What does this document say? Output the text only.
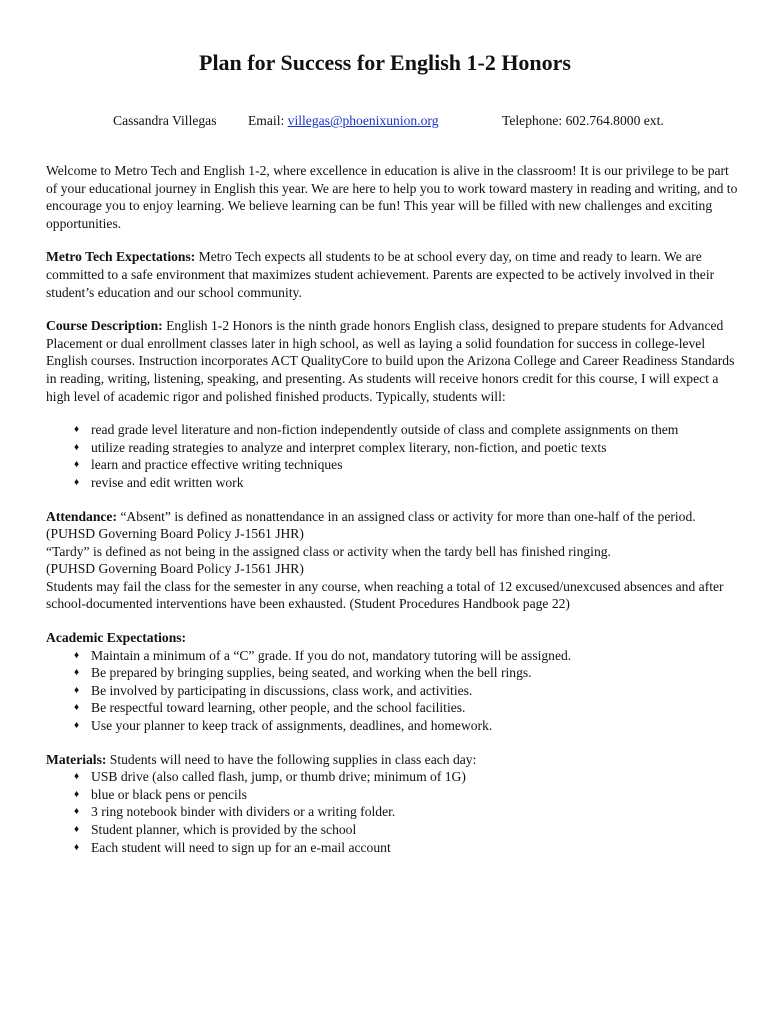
Plan for Success for English 1-2 Honors
Cassandra Villegas Email: villegas@phoenixunion.org	Telephone: 602.764.8000 ext.

Welcome to Metro Tech and English 1-2, where excellence in education is alive in the classroom! It is our privilege to be part of your educational journey in English this year. We are here to help you to work toward mastery in reading and writing, and to encourage you to enjoy learning. We believe learning can be fun! This year will be filled with new challenges and exciting opportunities.

Metro Tech Expectations: Metro Tech expects all students to be at school every day, on time and ready to learn. We are committed to a safe environment that maximizes student achievement. Parents are expected to be actively involved in their student’s education and our school community.

Course Description: English 1-2 Honors is the ninth grade honors English class, designed to prepare students for Advanced Placement or dual enrollment classes later in high school, as well as laying a solid foundation for success in college-level English courses. Instruction incorporates ACT QualityCore to build upon the Arizona College and Career Readiness Standards in reading, writing, listening, speaking, and presenting. As students will receive honors credit for this course, I will expect a high level of academic rigor and polished finished products. Typically, students will:

♦ read grade level literature and non-fiction independently outside of class and complete assignments on them
♦ utilize reading strategies to analyze and interpret complex literary, non-fiction, and poetic texts
♦ learn and practice effective writing techniques
♦ revise and edit written work

Attendance: “Absent” is defined as nonattendance in an assigned class or activity for more than one-half of the period. (PUHSD Governing Board Policy J-1561 JHR)

“Tardy” is defined as not being in the assigned class or activity when the tardy bell has finished ringing.

(PUHSD Governing Board Policy J-1561 JHR)

Students may fail the class for the semester in any course, when reaching a total of 12 excused/unexcused absences and after school-documented interventions have been exhausted. (Student Procedures Handbook page 22)

Academic Expectations:

♦ Maintain a minimum of a “C” grade. If you do not, mandatory tutoring will be assigned.
♦ Be prepared by bringing supplies, being seated, and working when the bell rings.
♦ Be involved by participating in discussions, class work, and activities.
♦ Be respectful toward learning, other people, and the school facilities.
♦ Use your planner to keep track of assignments, deadlines, and homework.

Materials: Students will need to have the following supplies in class each day:

♦ USB drive (also called flash, jump, or thumb drive; minimum of 1G)
♦ blue or black pens or pencils
♦ 3 ring notebook binder with dividers or a writing folder.
♦ Student planner, which is provided by the school
♦ Each student will need to sign up for an e-mail account
